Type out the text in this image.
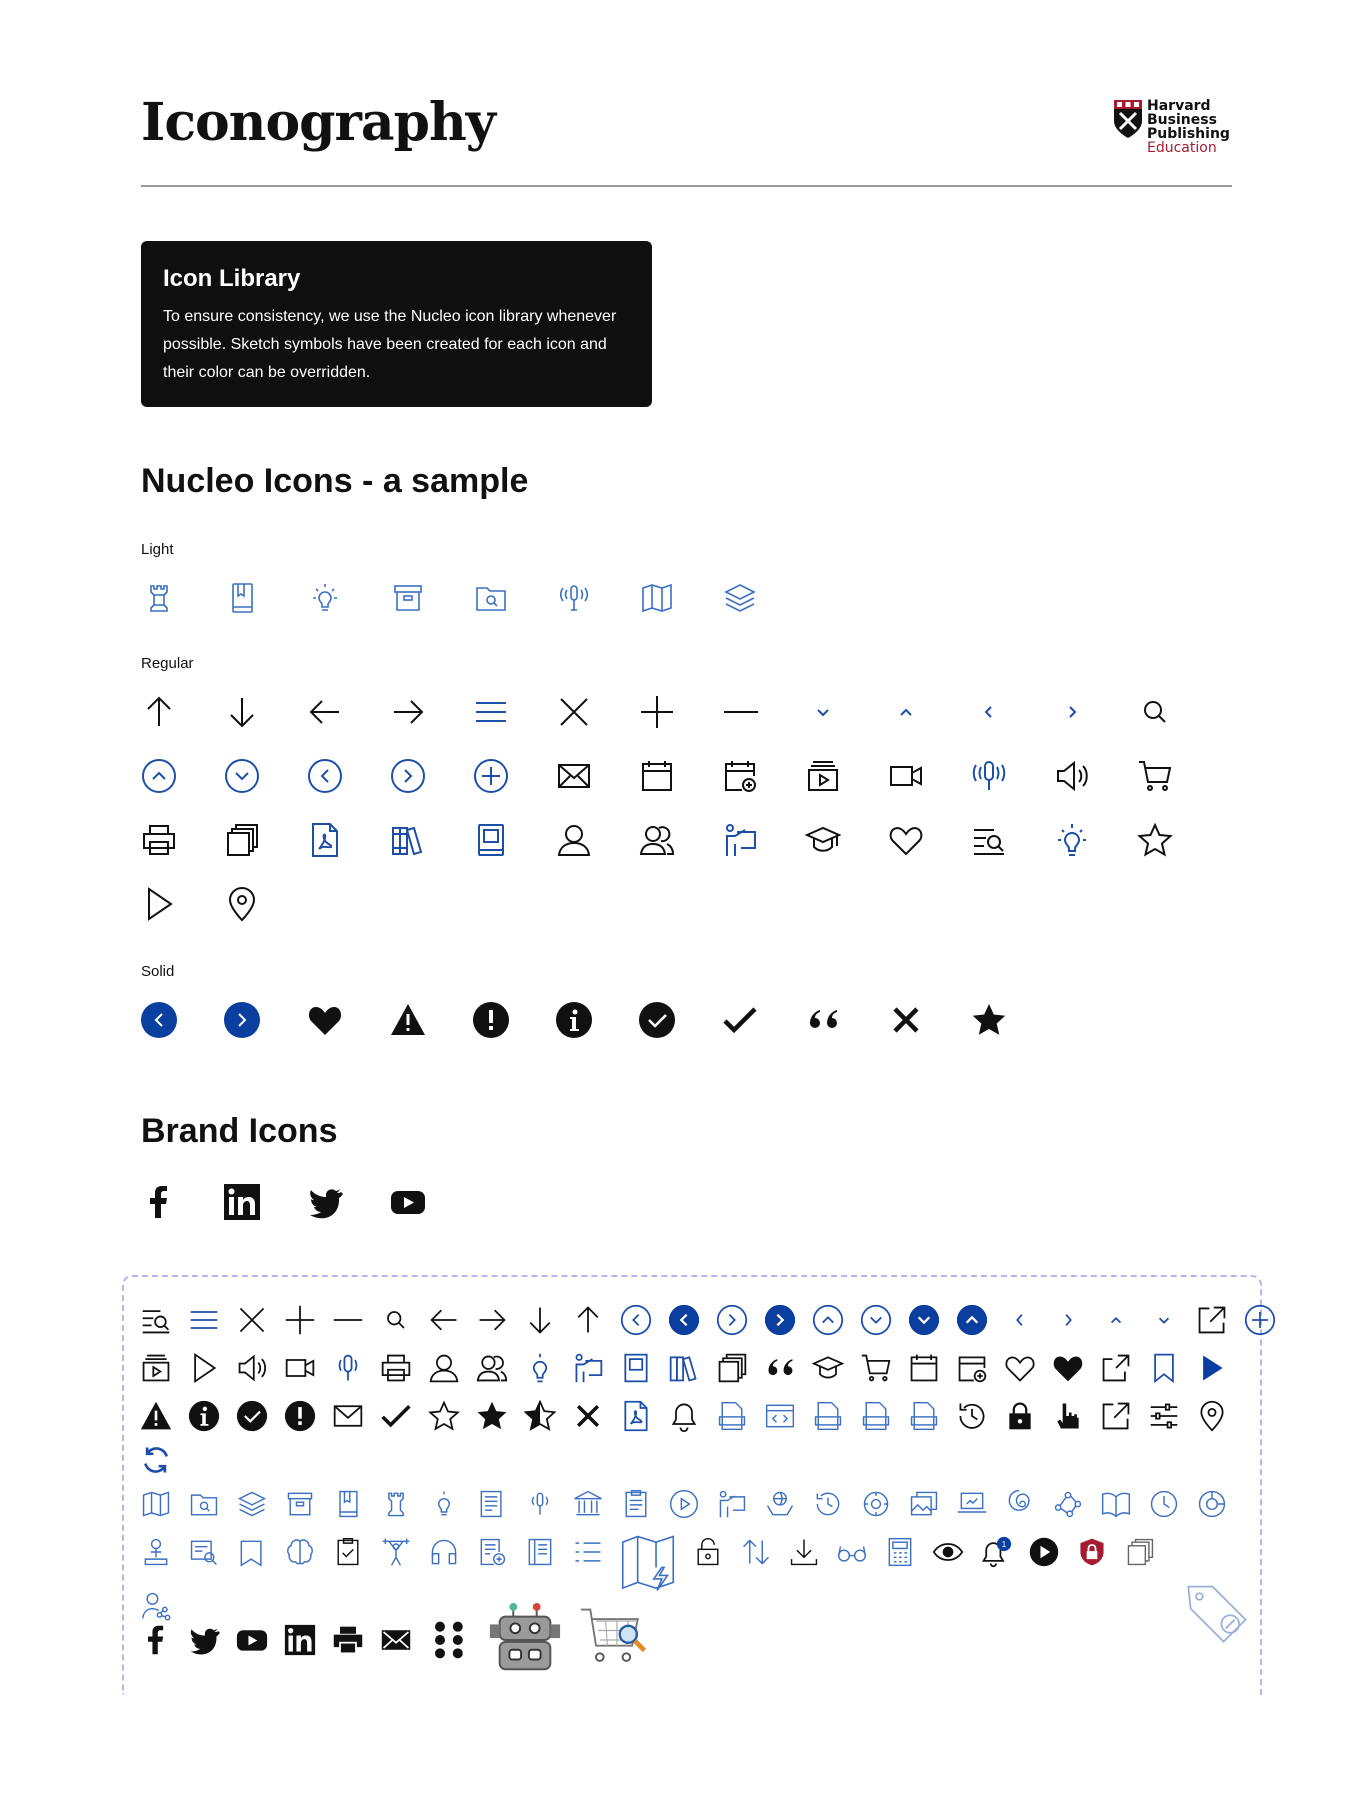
Iconography	Harvard
Business
Publishing
Education
Icon Library

To ensure consistency, we use the Nucleo icon library whenever possible. Sketch symbols have been created for each icon and their color can be overridden.

Nucleo Icons - a sample

Light

Regular

Solid

Brand Icons
1
